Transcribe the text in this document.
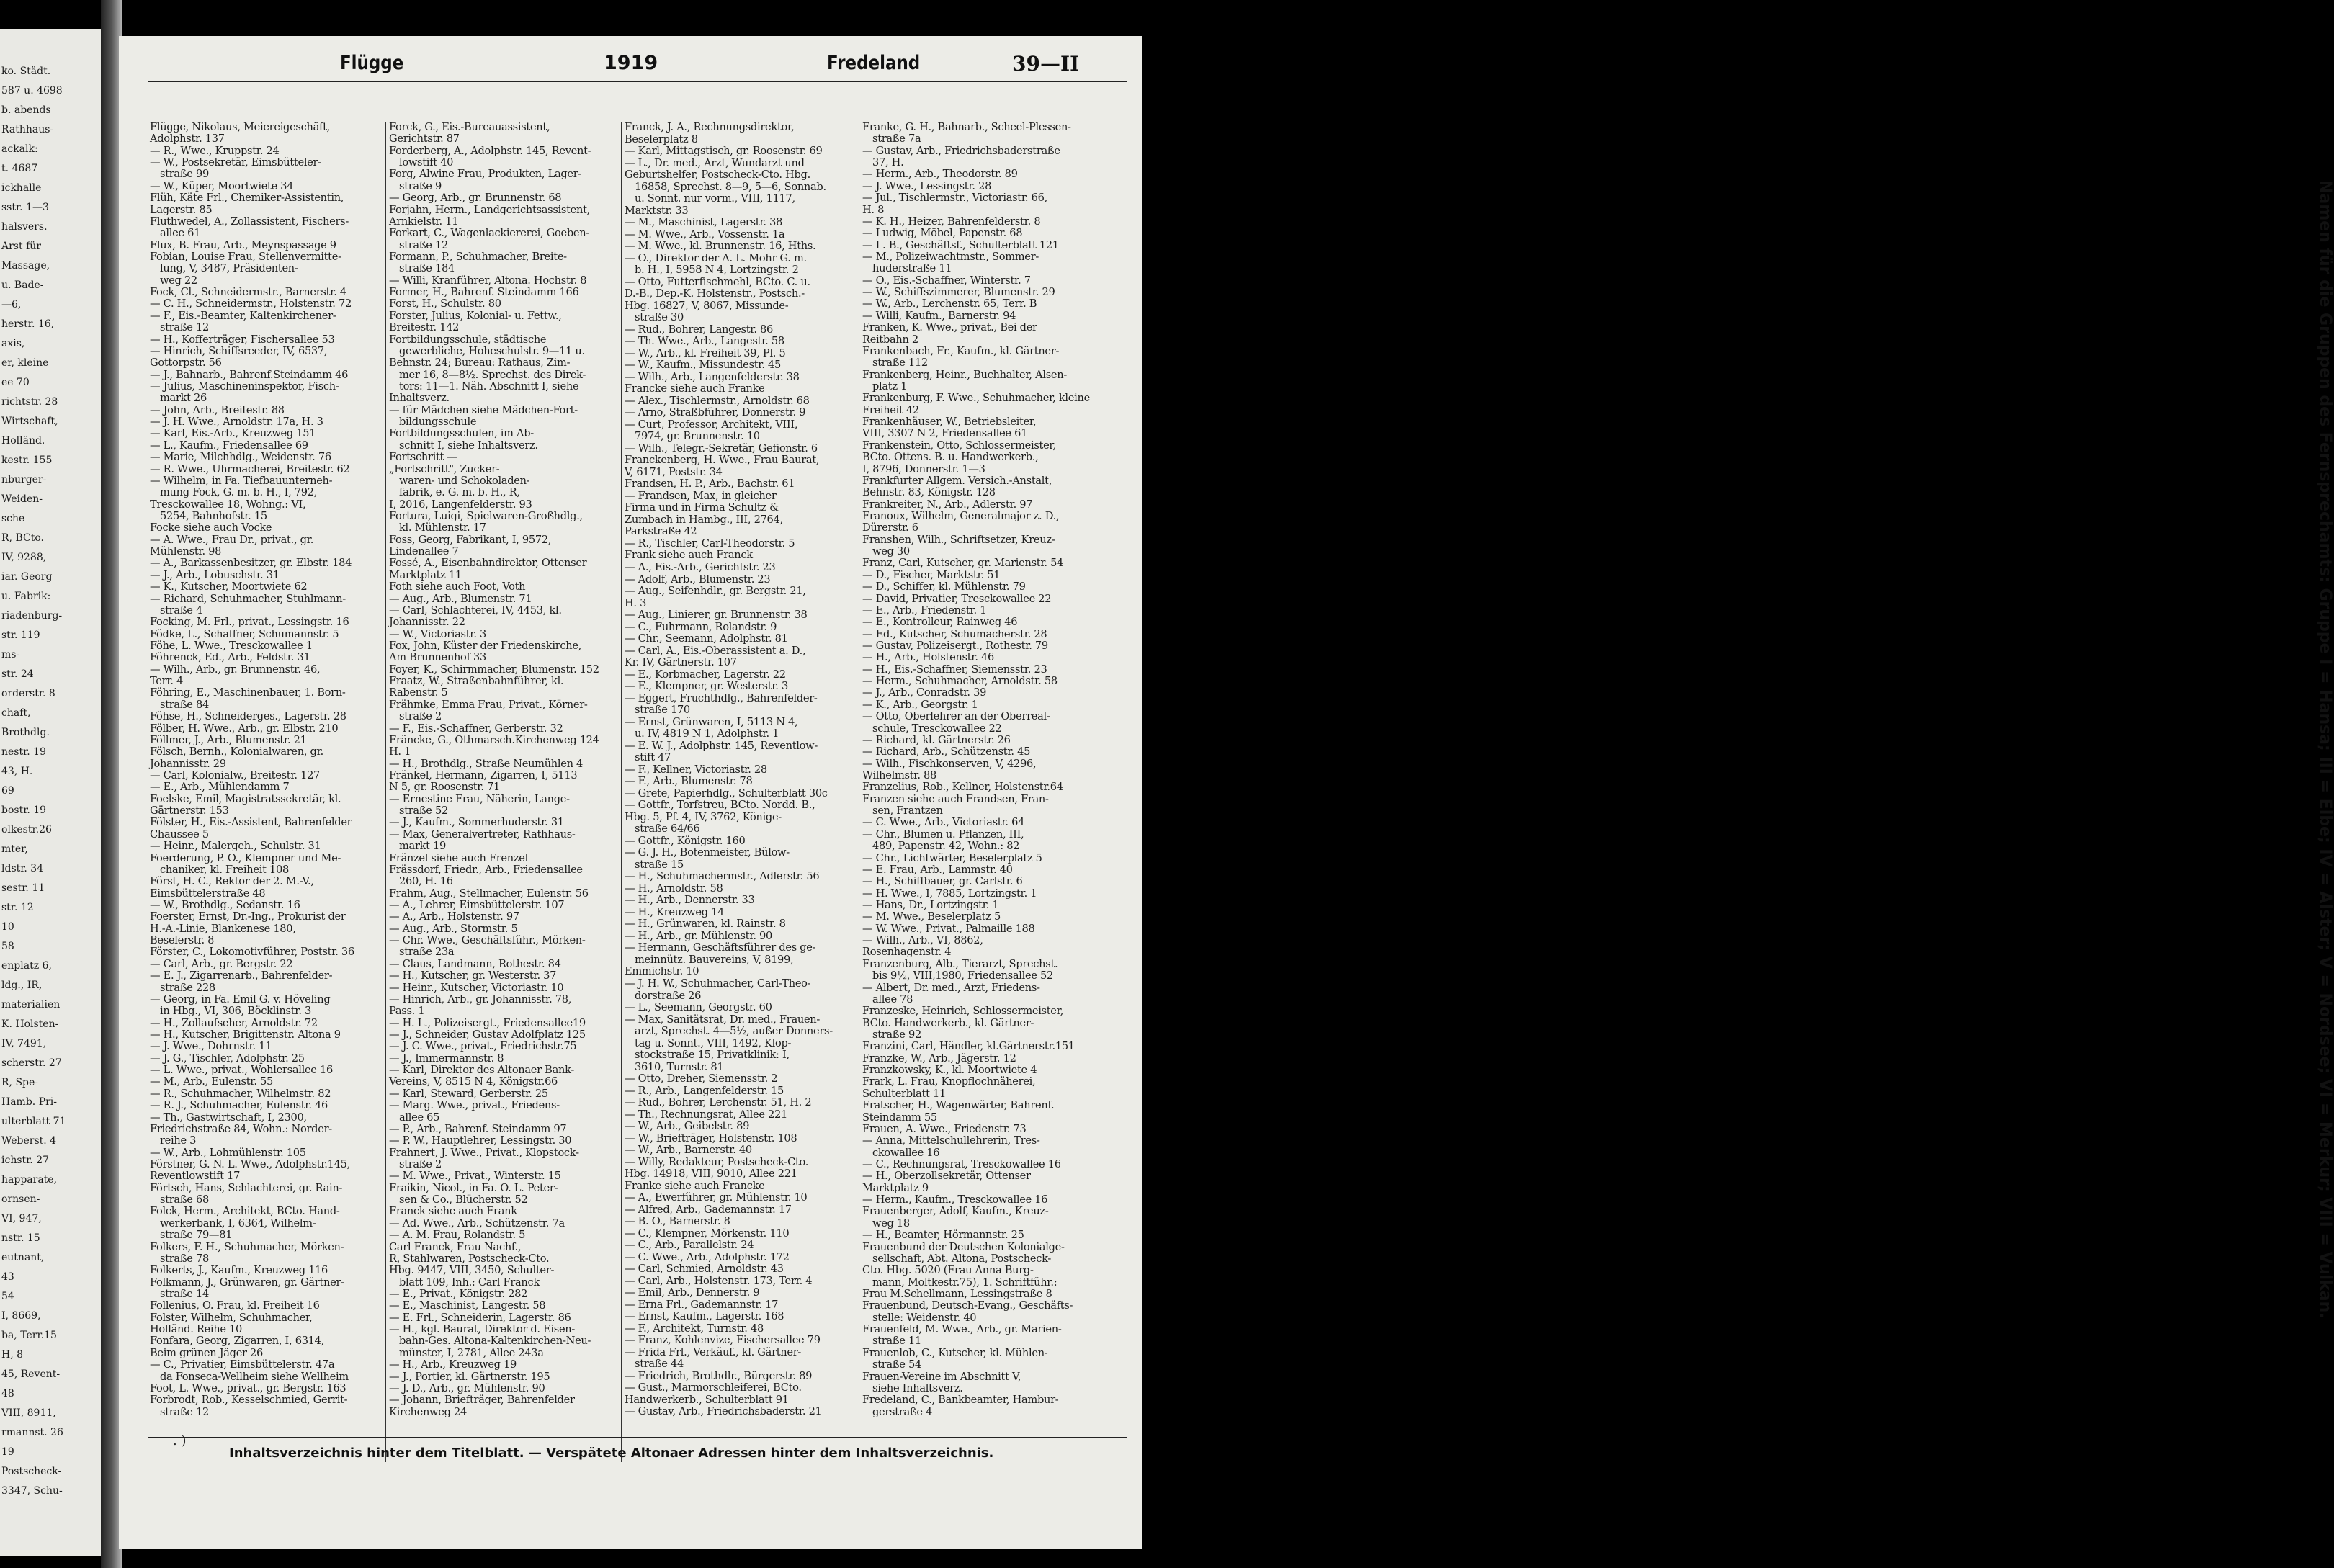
ko. Städt.
587 u. 4698
b. abends
Rathhaus-
ackalk:
t. 4687
ickhalle
sstr. 1—3
halsvers.
Arst für
Massage,
u. Bade-
—6,
herstr. 16,
axis,
er, kleine
ee 70
richtstr. 28
Wirtschaft,
Holländ.
kestr. 155
nburger-
Weiden-
sche
R, BCto.
IV, 9288,
iar. Georg
u. Fabrik:
riadenburg-
str. 119
ms-
str. 24
orderstr. 8
chaft,
Brothdlg.
nestr. 19
43, H.
69
bostr. 19
olkestr.26
mter,
ldstr. 34
sestr. 11
str. 12
10
58
enplatz 6,
ldg., IR,
materialien
K. Holsten-
IV, 7491,
scherstr. 27
R, Spe-
Hamb. Pri-
ulterblatt 71
Weberst. 4
ichstr. 27
happarate,
ornsen-
VI, 947,
nstr. 15
eutnant,
43
54
I, 8669,
ba, Terr.15
H, 8
45, Revent-
48
VIII, 8911,
rmannst. 26
19
Postscheck-
3347, Schu-
Flügge	1919	Fredeland	39—II
Flügge, Nikolaus, Meiereigeschäft,
Adolphstr. 137
— R., Wwe., Kruppstr. 24
— W., Postsekretär, Eimsbütteler-
straße 99
— W., Küper, Moortwiete 34
Flüh, Käte Frl., Chemiker-Assistentin,
Lagerstr. 85
Fluthwedel, A., Zollassistent, Fischers-
allee 61
Flux, B. Frau, Arb., Meynspassage 9
Fobian, Louise Frau, Stellenvermitte-
lung, V, 3487, Präsidenten-
weg 22
Fock, Cl., Schneidermstr., Barnerstr. 4
— C. H., Schneidermstr., Holstenstr. 72
— F., Eis.-Beamter, Kaltenkirchener-
straße 12
— H., Kofferträger, Fischersallee 53
— Hinrich, Schiffsreeder, IV, 6537,
Gottorpstr. 56
— J., Bahnarb., Bahrenf.Steindamm 46
— Julius, Maschineninspektor, Fisch-
markt 26
— John, Arb., Breitestr. 88
— J. H. Wwe., Arnoldstr. 17a, H. 3
— Karl, Eis.-Arb., Kreuzweg 151
— L., Kaufm., Friedensallee 69
— Marie, Milchhdlg., Weidenstr. 76
— R. Wwe., Uhrmacherei, Breitestr. 62
— Wilhelm, in Fa. Tiefbauunterneh-
mung Fock, G. m. b. H., I, 792,
Tresckowallee 18, Wohng.: VI,
5254, Bahnhofstr. 15
Focke siehe auch Vocke
— A. Wwe., Frau Dr., privat., gr.
Mühlenstr. 98
— A., Barkassenbesitzer, gr. Elbstr. 184
— J., Arb., Lobuschstr. 31
— K., Kutscher, Moortwiete 62
— Richard, Schuhmacher, Stuhlmann-
straße 4
Focking, M. Frl., privat., Lessingstr. 16
Födke, L., Schaffner, Schumannstr. 5
Föhe, L. Wwe., Tresckowallee 1
Föhrenck, Ed., Arb., Feldstr. 31
— Wilh., Arb., gr. Brunnenstr. 46,
Terr. 4
Föhring, E., Maschinenbauer, 1. Born-
straße 84
Föhse, H., Schneiderges., Lagerstr. 28
Fölber, H. Wwe., Arb., gr. Elbstr. 210
Föllmer, J., Arb., Blumenstr. 21
Fölsch, Bernh., Kolonialwaren, gr.
Johannisstr. 29
— Carl, Kolonialw., Breitestr. 127
— E., Arb., Mühlendamm 7
Foelske, Emil, Magistratssekretär, kl.
Gärtnerstr. 153
Fölster, H., Eis.-Assistent, Bahrenfelder
Chaussee 5
— Heinr., Malergeh., Schulstr. 31
Foerderung, P. O., Klempner und Me-
chaniker, kl. Freiheit 108
Först, H. C., Rektor der 2. M.-V.,
Eimsbüttelerstraße 48
— W., Brothdlg., Sedanstr. 16
Foerster, Ernst, Dr.-Ing., Prokurist der
H.-A.-Linie, Blankenese 180,
Beselerstr. 8
Förster, C., Lokomotivführer, Poststr. 36
— Carl, Arb., gr. Bergstr. 22
— E. J., Zigarrenarb., Bahrenfelder-
straße 228
— Georg, in Fa. Emil G. v. Höveling
in Hbg., VI, 306, Böcklinstr. 3
— H., Zollaufseher, Arnoldstr. 72
— H., Kutscher, Brigittenstr. Altona 9
— J. Wwe., Dohrnstr. 11
— J. G., Tischler, Adolphstr. 25
— L. Wwe., privat., Wohlersallee 16
— M., Arb., Eulenstr. 55
— R., Schuhmacher, Wilhelmstr. 82
— R. J., Schuhmacher, Eulenstr. 46
— Th., Gastwirtschaft, I, 2300,
Friedrichstraße 84, Wohn.: Norder-
reihe 3
— W., Arb., Lohmühlenstr. 105
Förstner, G. N. L. Wwe., Adolphstr.145,
Reventlowstift 17
Förtsch, Hans, Schlachterei, gr. Rain-
straße 68
Folck, Herm., Architekt, BCto. Hand-
werkerbank, I, 6364, Wilhelm-
straße 79—81
Folkers, F. H., Schuhmacher, Mörken-
straße 78
Folkerts, J., Kaufm., Kreuzweg 116
Folkmann, J., Grünwaren, gr. Gärtner-
straße 14
Follenius, O. Frau, kl. Freiheit 16
Folster, Wilhelm, Schuhmacher,
Holländ. Reihe 10
Fonfara, Georg, Zigarren, I, 6314,
Beim grünen Jäger 26
— C., Privatier, Eimsbüttelerstr. 47a
da Fonseca-Wellheim siehe Wellheim
Foot, L. Wwe., privat., gr. Bergstr. 163
Forbrodt, Rob., Kesselschmied, Gerrit-
straße 12
Forck, G., Eis.-Bureauassistent,
Gerichtstr. 87
Forderberg, A., Adolphstr. 145, Revent-
lowstift 40
Forg, Alwine Frau, Produkten, Lager-
straße 9
— Georg, Arb., gr. Brunnenstr. 68
Forjahn, Herm., Landgerichtsassistent,
Arnkielstr. 11
Forkart, C., Wagenlackiererei, Goeben-
straße 12
Formann, P., Schuhmacher, Breite-
straße 184
— Willi, Kranführer, Altona. Hochstr. 8
Former, H., Bahrenf. Steindamm 166
Forst, H., Schulstr. 80
Forster, Julius, Kolonial- u. Fettw.,
Breitestr. 142
Fortbildungsschule, städtische
gewerbliche, Hoheschulstr. 9—11 u.
Behnstr. 24; Bureau: Rathaus, Zim-
mer 16, 8—8½. Sprechst. des Direk-
tors: 11—1. Näh. Abschnitt I, siehe
Inhaltsverz.
— für Mädchen siehe Mädchen-Fort-
bildungsschule
Fortbildungsschulen, im Ab-
schnitt I, siehe Inhaltsverz.
Fortschritt —
„Fortschritt", Zucker-
waren- und Schokoladen-
fabrik, e. G. m. b. H., R,
I, 2016, Langenfelderstr. 93
Fortura, Luigi, Spielwaren-Großhdlg.,
kl. Mühlenstr. 17
Foss, Georg, Fabrikant, I, 9572,
Lindenallee 7
Fossé, A., Eisenbahndirektor, Ottenser
Marktplatz 11
Foth siehe auch Foot, Voth
— Aug., Arb., Blumenstr. 71
— Carl, Schlachterei, IV, 4453, kl.
Johannisstr. 22
— W., Victoriastr. 3
Fox, John, Küster der Friedenskirche,
Am Brunnenhof 33
Foyer, K., Schirmmacher, Blumenstr. 152
Fraatz, W., Straßenbahnführer, kl.
Rabenstr. 5
Frähmke, Emma Frau, Privat., Körner-
straße 2
— F., Eis.-Schaffner, Gerberstr. 32
Fräncke, G., Othmarsch.Kirchenweg 124
H. 1
— H., Brothdlg., Straße Neumühlen 4
Fränkel, Hermann, Zigarren, I, 5113
N 5, gr. Roosenstr. 71
— Ernestine Frau, Näherin, Lange-
straße 52
— J., Kaufm., Sommerhuderstr. 31
— Max, Generalvertreter, Rathhaus-
markt 19
Fränzel siehe auch Frenzel
Frässdorf, Friedr., Arb., Friedensallee
260, H. 16
Frahm, Aug., Stellmacher, Eulenstr. 56
— A., Lehrer, Eimsbüttelerstr. 107
— A., Arb., Holstenstr. 97
— Aug., Arb., Stormstr. 5
— Chr. Wwe., Geschäftsführ., Mörken-
straße 23a
— Claus, Landmann, Rothestr. 84
— H., Kutscher, gr. Westerstr. 37
— Heinr., Kutscher, Victoriastr. 10
— Hinrich, Arb., gr. Johannisstr. 78,
Pass. 1
— H. L., Polizeisergt., Friedensallee19
— J., Schneider, Gustav Adolfplatz 125
— J. C. Wwe., privat., Friedrichstr.75
— J., Immermannstr. 8
— Karl, Direktor des Altonaer Bank-
Vereins, V, 8515 N 4, Königstr.66
— Karl, Steward, Gerberstr. 25
— Marg. Wwe., privat., Friedens-
allee 65
— P., Arb., Bahrenf. Steindamm 97
— P. W., Hauptlehrer, Lessingstr. 30
Frahnert, J. Wwe., Privat., Klopstock-
straße 2
— M. Wwe., Privat., Winterstr. 15
Fraikin, Nicol., in Fa. O. L. Peter-
sen & Co., Blücherstr. 52
Franck siehe auch Frank
— Ad. Wwe., Arb., Schützenstr. 7a
— A. M. Frau, Rolandstr. 5
Carl Franck, Frau Nachf.,
R, Stahlwaren, Postscheck-Cto.
Hbg. 9447, VIII, 3450, Schulter-
blatt 109, Inh.: Carl Franck
— E., Privat., Königstr. 282
— E., Maschinist, Langestr. 58
— E. Frl., Schneiderin, Lagerstr. 86
— H., kgl. Baurat, Direktor d. Eisen-
bahn-Ges. Altona-Kaltenkirchen-Neu-
münster, I, 2781, Allee 243a
— H., Arb., Kreuzweg 19
— J., Portier, kl. Gärtnerstr. 195
— J. D., Arb., gr. Mühlenstr. 90
— Johann, Briefträger, Bahrenfelder
Kirchenweg 24
Franck, J. A., Rechnungsdirektor,
Beselerplatz 8
— Karl, Mittagstisch, gr. Roosenstr. 69
— L., Dr. med., Arzt, Wundarzt und
Geburtshelfer, Postscheck-Cto. Hbg.
16858, Sprechst. 8—9, 5—6, Sonnab.
u. Sonnt. nur vorm., VIII, 1117,
Marktstr. 33
— M., Maschinist, Lagerstr. 38
— M. Wwe., Arb., Vossenstr. 1a
— M. Wwe., kl. Brunnenstr. 16, Hths.
— O., Direktor der A. L. Mohr G. m.
b. H., I, 5958 N 4, Lortzingstr. 2
— Otto, Futterfischmehl, BCto. C. u.
D.-B., Dep.-K. Holstenstr., Postsch.-
Hbg. 16827, V, 8067, Missunde-
straße 30
— Rud., Bohrer, Langestr. 86
— Th. Wwe., Arb., Langestr. 58
— W., Arb., kl. Freiheit 39, Pl. 5
— W., Kaufm., Missundestr. 45
— Wilh., Arb., Langenfelderstr. 38
Francke siehe auch Franke
— Alex., Tischlermstr., Arnoldstr. 68
— Arno, Straßbführer, Donnerstr. 9
— Curt, Professor, Architekt, VIII,
7974, gr. Brunnenstr. 10
— Wilh., Telegr.-Sekretär, Gefionstr. 6
Franckenberg, H. Wwe., Frau Baurat,
V, 6171, Poststr. 34
Frandsen, H. P., Arb., Bachstr. 61
— Frandsen, Max, in gleicher
Firma und in Firma Schultz &
Zumbach in Hambg., III, 2764,
Parkstraße 42
— R., Tischler, Carl-Theodorstr. 5
Frank siehe auch Franck
— A., Eis.-Arb., Gerichtstr. 23
— Adolf, Arb., Blumenstr. 23
— Aug., Seifenhdlr., gr. Bergstr. 21,
H. 3
— Aug., Linierer, gr. Brunnenstr. 38
— C., Fuhrmann, Rolandstr. 9
— Chr., Seemann, Adolphstr. 81
— Carl, A., Eis.-Oberassistent a. D.,
Kr. IV, Gärtnerstr. 107
— E., Korbmacher, Lagerstr. 22
— E., Klempner, gr. Westerstr. 3
— Eggert, Fruchthdlg., Bahrenfelder-
straße 170
— Ernst, Grünwaren, I, 5113 N 4,
u. IV, 4819 N 1, Adolphstr. 1
— E. W. J., Adolphstr. 145, Reventlow-
stift 47
— F., Kellner, Victoriastr. 28
— F., Arb., Blumenstr. 78
— Grete, Papierhdlg., Schulterblatt 30c
— Gottfr., Torfstreu, BCto. Nordd. B.,
Hbg. 5, Pf. 4, IV, 3762, Könige-
straße 64/66
— Gottfr., Königstr. 160
— G. J. H., Botenmeister, Bülow-
straße 15
— H., Schuhmachermstr., Adlerstr. 56
— H., Arnoldstr. 58
— H., Arb., Dennerstr. 33
— H., Kreuzweg 14
— H., Grünwaren, kl. Rainstr. 8
— H., Arb., gr. Mühlenstr. 90
— Hermann, Geschäftsführer des ge-
meinnütz. Bauvereins, V, 8199,
Emmichstr. 10
— J. H. W., Schuhmacher, Carl-Theo-
dorstraße 26
— L., Seemann, Georgstr. 60
— Max, Sanitätsrat, Dr. med., Frauen-
arzt, Sprechst. 4—5½, außer Donners-
tag u. Sonnt., VIII, 1492, Klop-
stockstraße 15, Privatklinik: I,
3610, Turnstr. 81
— Otto, Dreher, Siemensstr. 2
— R., Arb., Langenfelderstr. 15
— Rud., Bohrer, Lerchenstr. 51, H. 2
— Th., Rechnungsrat, Allee 221
— W., Arb., Geibelstr. 89
— W., Briefträger, Holstenstr. 108
— W., Arb., Barnerstr. 40
— Willy, Redakteur, Postscheck-Cto.
Hbg. 14918, VIII, 9010, Allee 221
Franke siehe auch Francke
— A., Ewerführer, gr. Mühlenstr. 10
— Alfred, Arb., Gademannstr. 17
— B. O., Barnerstr. 8
— C., Klempner, Mörkenstr. 110
— C., Arb., Parallelstr. 24
— C. Wwe., Arb., Adolphstr. 172
— Carl, Schmied, Arnoldstr. 43
— Carl, Arb., Holstenstr. 173, Terr. 4
— Emil, Arb., Dennerstr. 9
— Erna Frl., Gademannstr. 17
— Ernst, Kaufm., Lagerstr. 168
— F., Architekt, Turnstr. 48
— Franz, Kohlenvize, Fischersallee 79
— Frida Frl., Verkäuf., kl. Gärtner-
straße 44
— Friedrich, Brothdlr., Bürgerstr. 89
— Gust., Marmorschleiferei, BCto.
Handwerkerb., Schulterblatt 91
— Gustav, Arb., Friedrichsbaderstr. 21
Franke, G. H., Bahnarb., Scheel-Plessen-
straße 7a
— Gustav, Arb., Friedrichsbaderstraße
37, H.
— Herm., Arb., Theodorstr. 89
— J. Wwe., Lessingstr. 28
— Jul., Tischlermstr., Victoriastr. 66,
H. 8
— K. H., Heizer, Bahrenfelderstr. 8
— Ludwig, Möbel, Papenstr. 68
— L. B., Geschäftsf., Schulterblatt 121
— M., Polizeiwachtmstr., Sommer-
huderstraße 11
— O., Eis.-Schaffner, Winterstr. 7
— W., Schiffszimmerer, Blumenstr. 29
— W., Arb., Lerchenstr. 65, Terr. B
— Willi, Kaufm., Barnerstr. 94
Franken, K. Wwe., privat., Bei der
Reitbahn 2
Frankenbach, Fr., Kaufm., kl. Gärtner-
straße 112
Frankenberg, Heinr., Buchhalter, Alsen-
platz 1
Frankenburg, F. Wwe., Schuhmacher, kleine
Freiheit 42
Frankenhäuser, W., Betriebsleiter,
VIII, 3307 N 2, Friedensallee 61
Frankenstein, Otto, Schlossermeister,
BCto. Ottens. B. u. Handwerkerb.,
I, 8796, Donnerstr. 1—3
Frankfurter Allgem. Versich.-Anstalt,
Behnstr. 83, Königstr. 128
Frankreiter, N., Arb., Adlerstr. 97
Franoux, Wilhelm, Generalmajor z. D.,
Dürerstr. 6
Franshen, Wilh., Schriftsetzer, Kreuz-
weg 30
Franz, Carl, Kutscher, gr. Marienstr. 54
— D., Fischer, Marktstr. 51
— D., Schiffer, kl. Mühlenstr. 79
— David, Privatier, Tresckowallee 22
— E., Arb., Friedenstr. 1
— E., Kontrolleur, Rainweg 46
— Ed., Kutscher, Schumacherstr. 28
— Gustav, Polizeisergt., Rothestr. 79
— H., Arb., Holstenstr. 46
— H., Eis.-Schaffner, Siemensstr. 23
— Herm., Schuhmacher, Arnoldstr. 58
— J., Arb., Conradstr. 39
— K., Arb., Georgstr. 1
— Otto, Oberlehrer an der Oberreal-
schule, Tresckowallee 22
— Richard, kl. Gärtnerstr. 26
— Richard, Arb., Schützenstr. 45
— Wilh., Fischkonserven, V, 4296,
Wilhelmstr. 88
Franzelius, Rob., Kellner, Holstenstr.64
Franzen siehe auch Frandsen, Fran-
sen, Frantzen
— C. Wwe., Arb., Victoriastr. 64
— Chr., Blumen u. Pflanzen, III,
489, Papenstr. 42, Wohn.: 82
— Chr., Lichtwärter, Beselerplatz 5
— E. Frau, Arb., Lammstr. 40
— H., Schiffbauer, gr. Carlstr. 6
— H. Wwe., I, 7885, Lortzingstr. 1
— Hans, Dr., Lortzingstr. 1
— M. Wwe., Beselerplatz 5
— W. Wwe., Privat., Palmaille 188
— Wilh., Arb., VI, 8862,
Rosenhagenstr. 4
Franzenburg, Alb., Tierarzt, Sprechst.
bis 9½, VIII,1980, Friedensallee 52
— Albert, Dr. med., Arzt, Friedens-
allee 78
Franzeske, Heinrich, Schlossermeister,
BCto. Handwerkerb., kl. Gärtner-
straße 92
Franzini, Carl, Händler, kl.Gärtnerstr.151
Franzke, W., Arb., Jägerstr. 12
Franzkowsky, K., kl. Moortwiete 4
Frark, L. Frau, Knopflochnäherei,
Schulterblatt 11
Fratscher, H., Wagenwärter, Bahrenf.
Steindamm 55
Frauen, A. Wwe., Friedenstr. 73
— Anna, Mittelschullehrerin, Tres-
ckowallee 16
— C., Rechnungsrat, Tresckowallee 16
— H., Oberzollsekretär, Ottenser
Marktplatz 9
— Herm., Kaufm., Tresckowallee 16
Frauenberger, Adolf, Kaufm., Kreuz-
weg 18
— H., Beamter, Hörmannstr. 25
Frauenbund der Deutschen Kolonialge-
sellschaft, Abt. Altona, Postscheck-
Cto. Hbg. 5020 (Frau Anna Burg-
mann, Moltkestr.75), 1. Schriftführ.:
Frau M.Schellmann, Lessingstraße 8
Frauenbund, Deutsch-Evang., Geschäfts-
stelle: Weidenstr. 40
Frauenfeld, M. Wwe., Arb., gr. Marien-
straße 11
Frauenlob, C., Kutscher, kl. Mühlen-
straße 54
Frauen-Vereine im Abschnitt V,
siehe Inhaltsverz.
Fredeland, C., Bankbeamter, Hambur-
gerstraße 4
Namen für die Gruppen des Fernsprechamts: Gruppe I = Hansa; III = Elbe; IV = Alster; V = Nordsee; VI = Merkur; VIII = Vulkan.
. )
Inhaltsverzeichnis hinter dem Titelblatt. — Verspätete Altonaer Adressen hinter dem Inhaltsverzeichnis.
